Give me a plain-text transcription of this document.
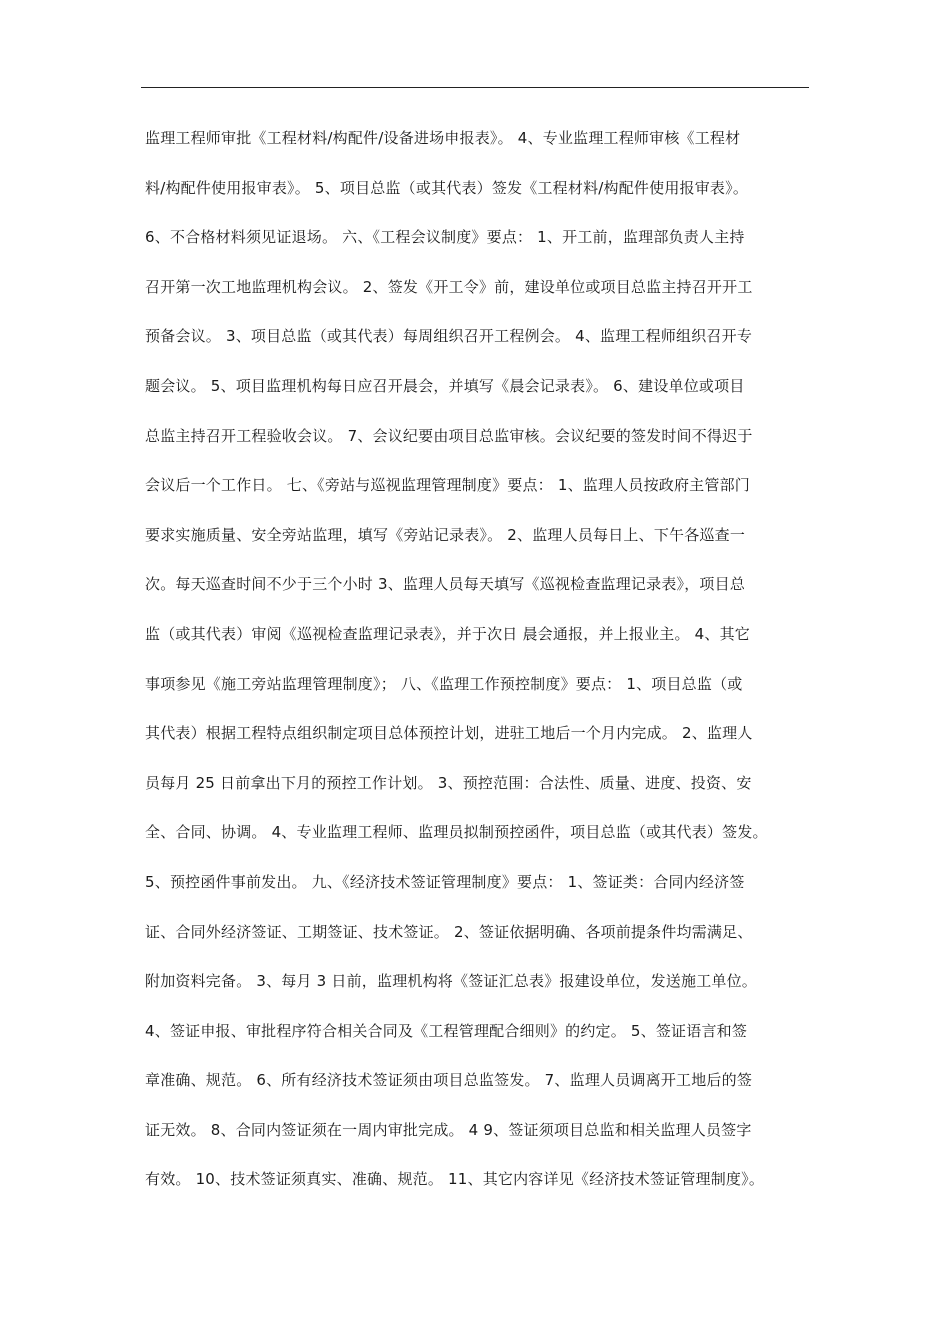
监理工程师审批《工程材料/构配件/设备进场申报表》。 4、专业监理工程师审核《工程材
料/构配件使用报审表》。 5、项目总监（或其代表）签发《工程材料/构配件使用报审表》。
6、不合格材料须见证退场。 六、《工程会议制度》要点： 1、开工前，监理部负责人主持
召开第一次工地监理机构会议。 2、签发《开工令》前，建设单位或项目总监主持召开开工
预备会议。 3、项目总监（或其代表）每周组织召开工程例会。 4、监理工程师组织召开专
题会议。 5、项目监理机构每日应召开晨会，并填写《晨会记录表》。 6、建设单位或项目
总监主持召开工程验收会议。 7、会议纪要由项目总监审核。会议纪要的签发时间不得迟于
会议后一个工作日。 七、《旁站与巡视监理管理制度》要点： 1、监理人员按政府主管部门
要求实施质量、安全旁站监理，填写《旁站记录表》。 2、监理人员每日上、下午各巡查一
次。每天巡查时间不少于三个小时 3、监理人员每天填写《巡视检查监理记录表》，项目总
监（或其代表）审阅《巡视检查监理记录表》，并于次日 晨会通报，并上报业主。 4、其它
事项参见《施工旁站监理管理制度》； 八、《监理工作预控制度》要点： 1、项目总监（或
其代表）根据工程特点组织制定项目总体预控计划，进驻工地后一个月内完成。 2、监理人
员每月 25 日前拿出下月的预控工作计划。 3、预控范围：合法性、质量、进度、投资、安
全、合同、协调。 4、专业监理工程师、监理员拟制预控函件，项目总监（或其代表）签发。
5、预控函件事前发出。 九、《经济技术签证管理制度》要点： 1、签证类：合同内经济签
证、合同外经济签证、工期签证、技术签证。 2、签证依据明确、各项前提条件均需满足、
附加资料完备。 3、每月 3 日前，监理机构将《签证汇总表》报建设单位，发送施工单位。
4、签证申报、审批程序符合相关合同及《工程管理配合细则》的约定。 5、签证语言和签
章准确、规范。 6、所有经济技术签证须由项目总监签发。 7、监理人员调离开工地后的签
证无效。 8、合同内签证须在一周内审批完成。 4 9、签证须项目总监和相关监理人员签字
有效。 10、技术签证须真实、准确、规范。 11、其它内容详见《经济技术签证管理制度》。
